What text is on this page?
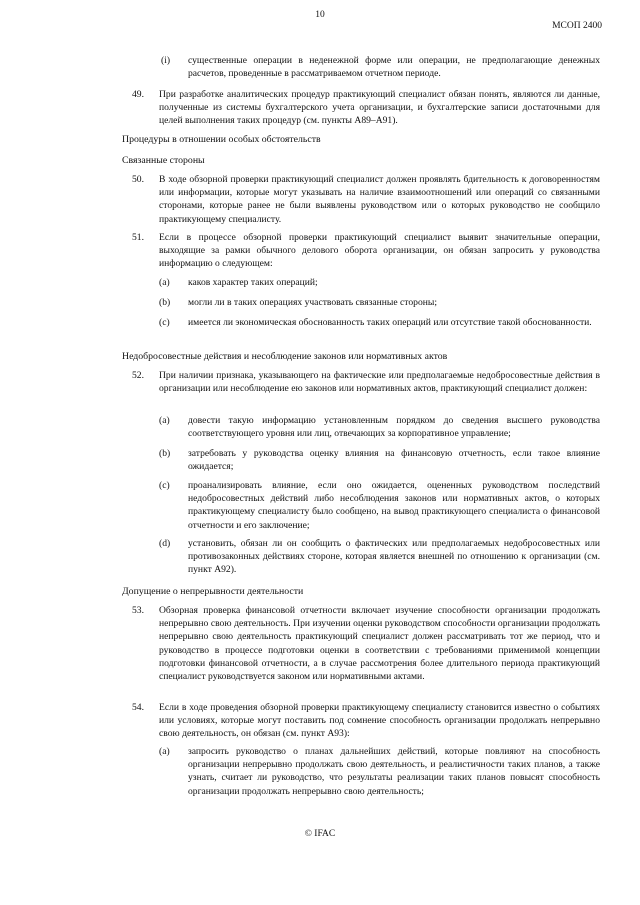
10
МСОП 2400
(i) существенные операции в неденежной форме или операции, не предполагающие денежных расчетов, проведенные в рассматриваемом отчетном периоде.
49. При разработке аналитических процедур практикующий специалист обязан понять, являются ли данные, полученные из системы бухгалтерского учета организации, и бухгалтерские записи достаточными для целей выполнения таких процедур (см. пункты A89–A91).
Процедуры в отношении особых обстоятельств
Связанные стороны
50. В ходе обзорной проверки практикующий специалист должен проявлять бдительность к договоренностям или информации, которые могут указывать на наличие взаимоотношений или операций со связанными сторонами, которые ранее не были выявлены руководством или о которых руководство не сообщило практикующему специалисту.
51. Если в процессе обзорной проверки практикующий специалист выявит значительные операции, выходящие за рамки обычного делового оборота организации, он обязан запросить у руководства информацию о следующем:
(a) каков характер таких операций;
(b) могли ли в таких операциях участвовать связанные стороны;
(c) имеется ли экономическая обоснованность таких операций или отсутствие такой обоснованности.
Недобросовестные действия и несоблюдение законов или нормативных актов
52. При наличии признака, указывающего на фактические или предполагаемые недобросовестные действия в организации или несоблюдение ею законов или нормативных актов, практикующий специалист должен:
(a) довести такую информацию установленным порядком до сведения высшего руководства соответствующего уровня или лиц, отвечающих за корпоративное управление;
(b) затребовать у руководства оценку влияния на финансовую отчетность, если такое влияние ожидается;
(c) проанализировать влияние, если оно ожидается, оцененных руководством последствий недобросовестных действий либо несоблюдения законов или нормативных актов, о которых практикующему специалисту было сообщено, на вывод практикующего специалиста о финансовой отчетности и его заключение;
(d) установить, обязан ли он сообщить о фактических или предполагаемых недобросовестных или противозаконных действиях стороне, которая является внешней по отношению к организации (см. пункт A92).
Допущение о непрерывности деятельности
53. Обзорная проверка финансовой отчетности включает изучение способности организации продолжать непрерывно свою деятельность. При изучении оценки руководством способности организации продолжать непрерывно свою деятельность практикующий специалист должен рассматривать тот же период, что и руководство в процессе подготовки оценки в соответствии с требованиями применимой концепции подготовки финансовой отчетности, а в случае рассмотрения более длительного периода практикующий специалист руководствуется законом или нормативными актами.
54. Если в ходе проведения обзорной проверки практикующему специалисту становится известно о событиях или условиях, которые могут поставить под сомнение способность организации продолжать непрерывно свою деятельность, он обязан (см. пункт A93):
(a) запросить руководство о планах дальнейших действий, которые повлияют на способность организации непрерывно продолжать свою деятельность, и реалистичности таких планов, а также узнать, считает ли руководство, что результаты реализации таких планов повысят способность организации продолжать непрерывно свою деятельность;
© IFAC
